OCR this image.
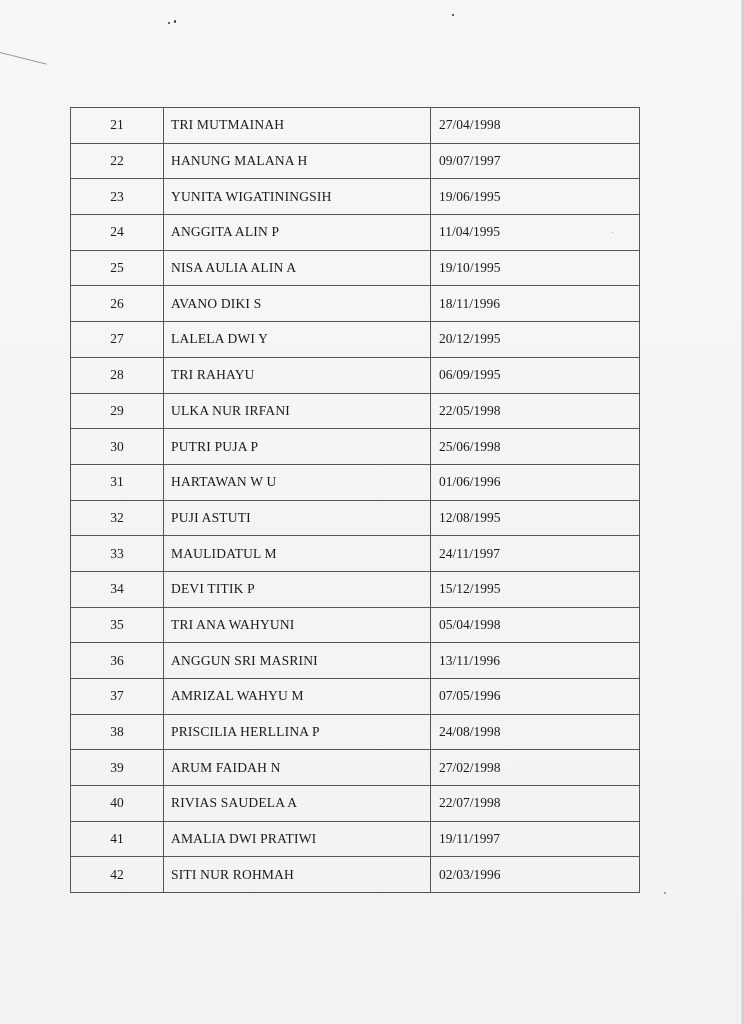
21	TRI MUTMAINAH	27/04/1998
22	HANUNG MALANA H	09/07/1997
23	YUNITA WIGATININGSIH	19/06/1995
24	ANGGITA ALIN P	11/04/1995
25	NISA AULIA ALIN A	19/10/1995
26	AVANO DIKI S	18/11/1996
27	LALELA DWI Y	20/12/1995
28	TRI RAHAYU	06/09/1995
29	ULKA NUR IRFANI	22/05/1998
30	PUTRI PUJA P	25/06/1998
31	HARTAWAN W U	01/06/1996
32	PUJI ASTUTI	12/08/1995
33	MAULIDATUL M	24/11/1997
34	DEVI TITIK P	15/12/1995
35	TRI ANA WAHYUNI	05/04/1998
36	ANGGUN SRI MASRINI	13/11/1996
37	AMRIZAL WAHYU M	07/05/1996
38	PRISCILIA HERLLINA P	24/08/1998
39	ARUM FAIDAH N	27/02/1998
40	RIVIAS SAUDELA A	22/07/1998
41	AMALIA DWI PRATIWI	19/11/1997
42	SITI NUR ROHMAH	02/03/1996
